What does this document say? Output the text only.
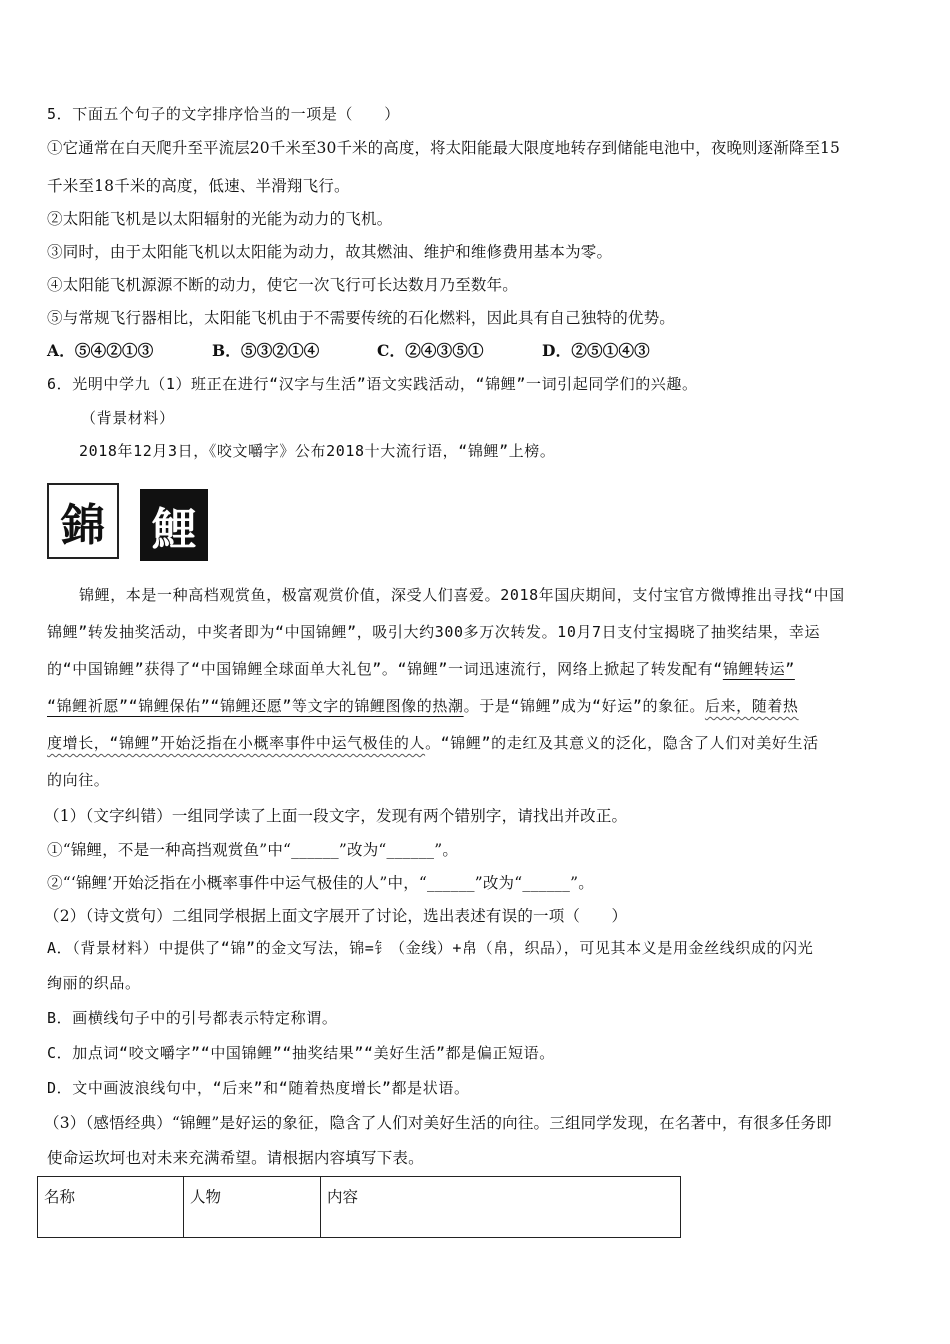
5．下面五个句子的文字排序恰当的一项是（　　）
①它通常在白天爬升至平流层20千米至30千米的高度，将太阳能最大限度地转存到储能电池中，夜晚则逐渐降至15
千米至18千米的高度，低速、半滑翔飞行。
②太阳能飞机是以太阳辐射的光能为动力的飞机。
③同时，由于太阳能飞机以太阳能为动力，故其燃油、维护和维修费用基本为零。
④太阳能飞机源源不断的动力，使它一次飞行可长达数月乃至数年。
⑤与常规飞行器相比，太阳能飞机由于不需要传统的石化燃料，因此具有自己独特的优势。
A．⑤④②①③	B．⑤③②①④	C．②④③⑤①	D．②⑤①④③
6．光明中学九（1）班正在进行“汉字与生活”语文实践活动，“锦鲤”一词引起同学们的兴趣。
（背景材料）
2018年12月3日，《咬文嚼字》公布2018十大流行语，“锦鲤”上榜。
錦 鯉
锦鲤，本是一种高档观赏鱼，极富观赏价值，深受人们喜爱。2018年国庆期间，支付宝官方微博推出寻找“中国
锦鲤”转发抽奖活动，中奖者即为“中国锦鲤”，吸引大约300多万次转发。10月7日支付宝揭晓了抽奖结果，幸运
的“中国锦鲤”获得了“中国锦鲤全球面单大礼包”。“锦鲤”一词迅速流行，网络上掀起了转发配有“锦鲤转运”
“锦鲤祈愿”“锦鲤保佑”“锦鲤还愿”等文字的锦鲤图像的热潮。于是“锦鲤”成为“好运”的象征。后来，随着热
度增长，“锦鲤”开始泛指在小概率事件中运气极佳的人。“锦鲤”的走红及其意义的泛化，隐含了人们对美好生活
的向往。
（1）（文字纠错）一组同学读了上面一段文字，发现有两个错别字，请找出并改正。
①“锦鲤，不是一种高挡观赏鱼”中“______”改为“______”。
②“‘锦鲤’开始泛指在小概率事件中运气极佳的人”中，“______”改为“______”。
（2）（诗文赏句）二组同学根据上面文字展开了讨论，选出表述有误的一项（　　）
A．（背景材料）中提供了“锦”的金文写法，锦=钅（金线）+帛（帛，织品），可见其本义是用金丝线织成的闪光
绚丽的织品。
B．画横线句子中的引号都表示特定称谓。
C．加点词“咬文嚼字”“中国锦鲤”“抽奖结果”“美好生活”都是偏正短语。
D．文中画波浪线句中，“后来”和“随着热度增长”都是状语。
（3）（感悟经典）“锦鲤”是好运的象征，隐含了人们对美好生活的向往。三组同学发现，在名著中，有很多任务即
使命运坎坷也对未来充满希望。请根据内容填写下表。
名称	人物	内容
